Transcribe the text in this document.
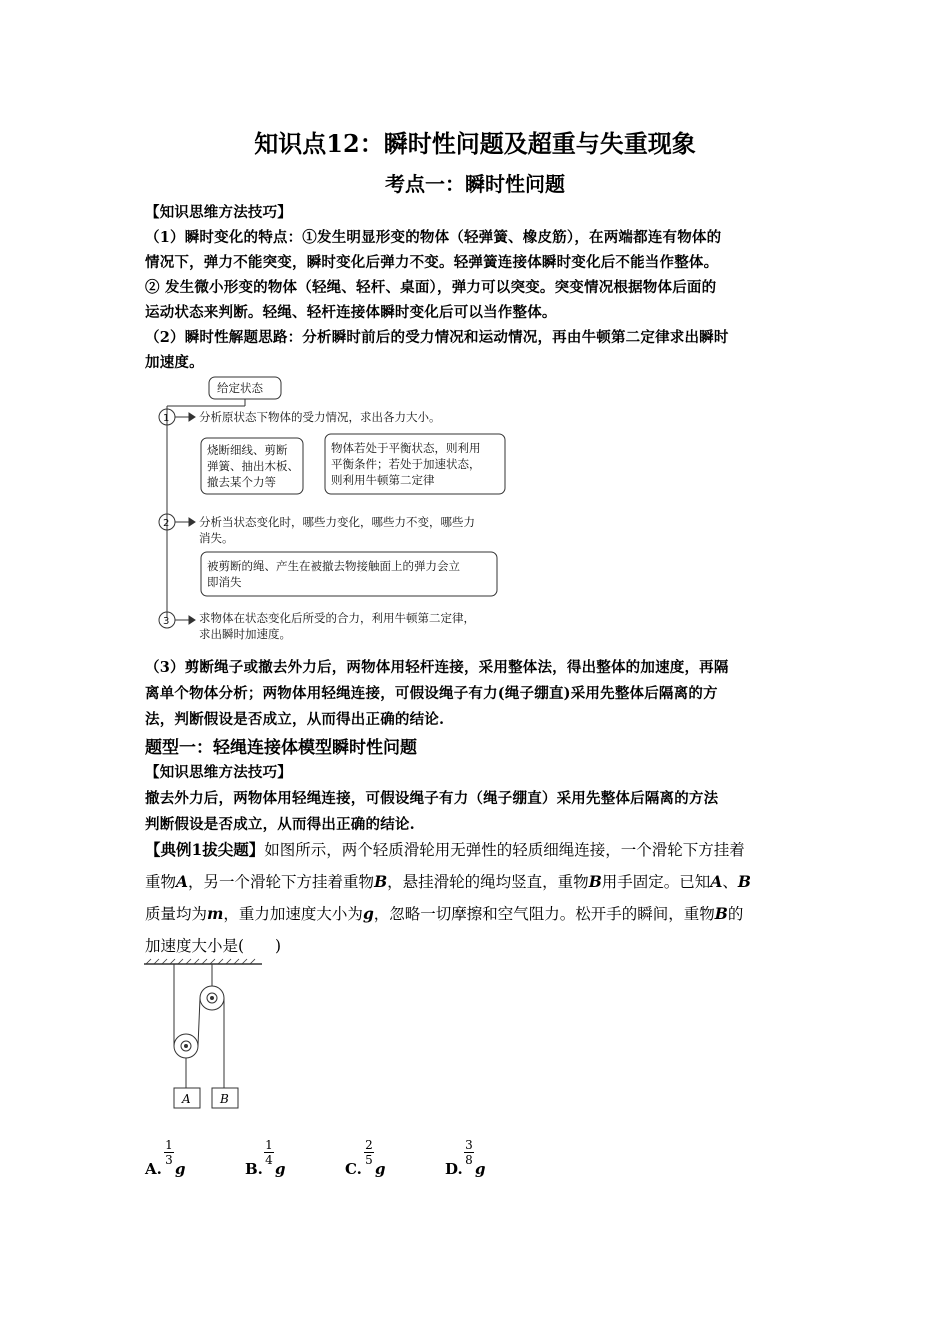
知识点12：瞬时性问题及超重与失重现象
考点一：瞬时性问题
【知识思维方法技巧】
（1）瞬时变化的特点：①发生明显形变的物体（轻弹簧、橡皮筋），在两端都连有物体的
情况下，弹力不能突变，瞬时变化后弹力不变。轻弹簧连接体瞬时变化后不能当作整体。
② 发生微小形变的物体（轻绳、轻杆、桌面），弹力可以突变。突变情况根据物体后面的
运动状态来判断。轻绳、轻杆连接体瞬时变化后可以当作整体。
（2）瞬时性解题思路：分析瞬时前后的受力情况和运动情况，再由牛顿第二定律求出瞬时
加速度。
给定状态
1	分析原状态下物体的受力情况，求出各力大小。
烧断细线、剪断
弹簧、抽出木板、
撤去某个力等
物体若处于平衡状态，则利用
平衡条件；若处于加速状态，
则利用牛顿第二定律
2	分析当状态变化时，哪些力变化，哪些力不变，哪些力
消失。
被剪断的绳、产生在被撤去物接触面上的弹力会立
即消失
3	求物体在状态变化后所受的合力，利用牛顿第二定律，
求出瞬时加速度。
（3）剪断绳子或撤去外力后，两物体用轻杆连接，采用整体法，得出整体的加速度，再隔
离单个物体分析；两物体用轻绳连接，可假设绳子有力(绳子绷直)采用先整体后隔离的方
法，判断假设是否成立，从而得出正确的结论.
题型一：轻绳连接体模型瞬时性问题
【知识思维方法技巧】
撤去外力后，两物体用轻绳连接，可假设绳子有力（绳子绷直）采用先整体后隔离的方法
判断假设是否成立，从而得出正确的结论.
【典例1拔尖题】如图所示，两个轻质滑轮用无弹性的轻质细绳连接，一个滑轮下方挂着
重物A，另一个滑轮下方挂着重物B，悬挂滑轮的绳均竖直，重物B用手固定。已知A、B
质量均为m，重力加速度大小为g，忽略一切摩擦和空气阻力。松开手的瞬间，重物B的
加速度大小是(　　)
A B
A.
1
3 g	B.
1
4 g	C.
2
5 g	D.
3
8 g
